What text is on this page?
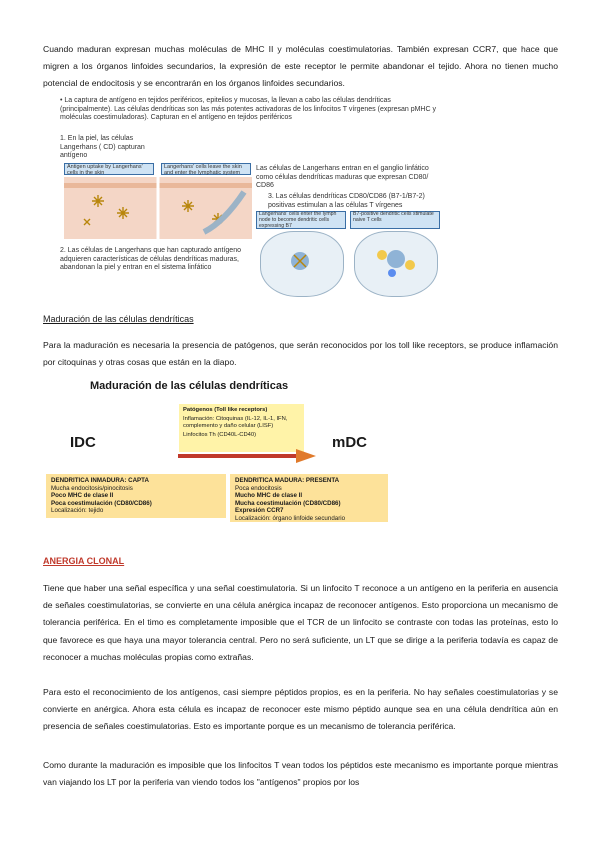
Cuando maduran expresan muchas moléculas de MHC II y moléculas coestimulatorias. También expresan CCR7, que hace que migren a los órganos linfoides secundarios, la expresión de este receptor le permite abandonar el tejido. Ahora no tienen mucho potencial de endocitosis y se encontrarán en los órganos linfoides secundarios.

• La captura de antígeno en tejidos periféricos, epitelios y mucosas, la llevan a cabo las células dendríticas (principalmente). Las células dendríticas son las más potentes activadoras de los linfocitos T vírgenes (expresan pMHC y moléculas coestimuladoras). Capturan en el antígeno en tejidos periféricos

1. En la piel, las células Langerhans ( CD) capturan antígeno

Antigen uptake by Langerhans' cells in the skin
Langerhans' cells leave the skin and enter the lymphatic system

Las células de Langerhans entran en el ganglio linfático como células dendríticas maduras que expresan CD80/ CD86

3. Las células dendríticas CD80/CD86 (B7-1/B7-2) positivas estimulan a las células T vírgenes

Langerhans' cells enter the lymph node to become dendritic cells expressing B7
B7-positive dendritic cells stimulate naive T cells

2. Las células de Langerhans que han capturado antígeno adquieren características de células dendríticas maduras, abandonan la piel y entran en el sistema linfático

Maduración de las células dendríticas

Para la maduración es necesaria la presencia de patógenos, que serán reconocidos por los toll like receptors, se produce inflamación por citoquinas y otras cosas que están en la diapo.

Maduración de las células dendríticas

IDC	mDC

Patógenos (Toll like receptors)

Inflamación: Citoquinas (IL-12, IL-1, IFN, complemento y daño celular (LISF)

Linfocitos Th (CD40L-CD40)

DENDRITICA INMADURA: CAPTA

Mucha endocitosis/pinocitosis

Poco MHC de clase II

Poca coestimulación (CD80/CD86)

Localización: tejido

DENDRITICA MADURA: PRESENTA

Poca endocitosis

Mucho MHC de clase II

Mucha coestimulación (CD80/CD86)

Expresión CCR7

Localización: órgano linfoide secundario

ANERGIA CLONAL

Tiene que haber una señal específica y una señal coestimulatoria. Si un linfocito T reconoce a un antígeno en la periferia en ausencia de señales coestimulatorias, se convierte en una célula anérgica incapaz de reconocer antígenos. Esto proporciona un mecanismo de tolerancia periférica. En el timo es completamente imposible que el TCR de un linfocito se contraste con todas las proteínas, esto lo que favorece es que haya una mayor tolerancia central. Pero no será suficiente, un LT que se dirige a la periferia todavía es capaz de reconocer a muchas moléculas propias como extrañas.

Para esto el reconocimiento de los antígenos, casi siempre péptidos propios, es en la periferia. No hay señales coestimulatorias y se convierte en anérgica. Ahora esta célula es incapaz de reconocer este mismo péptido aunque sea en una célula dendrítica aún en presencia de señales coestimulatorias. Esto es importante porque es un mecanismo de tolerancia periférica.

Como durante la maduración es imposible que los linfocitos T vean todos los péptidos este mecanismo es importante porque mientras van viajando los LT por la periferia van viendo todos los "antígenos" propios por los
